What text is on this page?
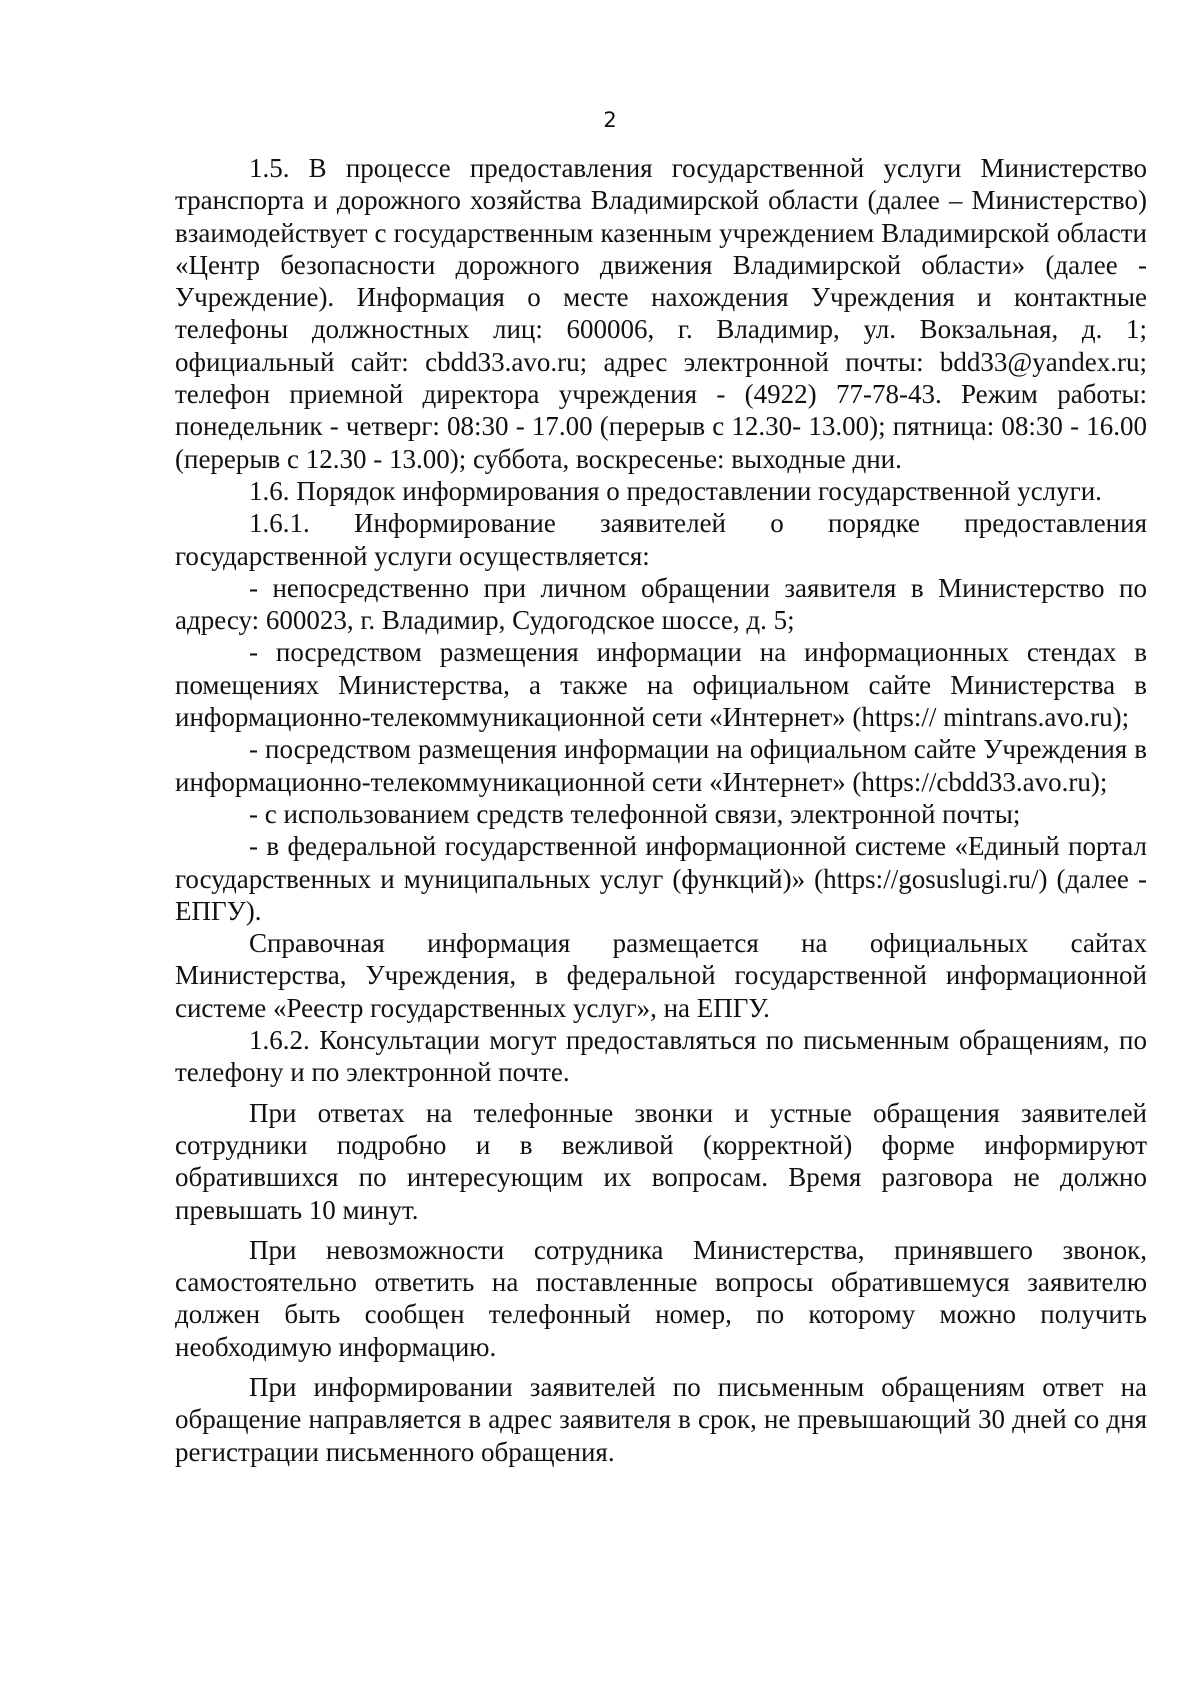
2

1.5. В процессе предоставления государственной услуги Министерство транспорта и дорожного хозяйства Владимирской области (далее – Министерство) взаимодействует с государственным казенным учреждением Владимирской области «Центр безопасности дорожного движения Владимирской области» (далее - Учреждение). Информация о месте нахождения Учреждения и контактные телефоны должностных лиц: 600006, г. Владимир, ул. Вокзальная, д. 1; официальный сайт: cbdd33.avo.ru; адрес электронной почты: bdd33@yandex.ru; телефон приемной директора учреждения - (4922) 77-78-43. Режим работы: понедельник - четверг: 08:30 - 17.00 (перерыв с 12.30- 13.00); пятница: 08:30 - 16.00 (перерыв с 12.30 - 13.00); суббота, воскресенье: выходные дни.

1.6. Порядок информирования о предоставлении государственной услуги.

1.6.1. Информирование заявителей о порядке предоставления государственной услуги осуществляется:

- непосредственно при личном обращении заявителя в Министерство по адресу: 600023, г. Владимир, Судогодское шоссе, д. 5;

- посредством размещения информации на информационных стендах в помещениях Министерства, а также на официальном сайте Министерства в информационно-телекоммуникационной сети «Интернет» (https:// mintrans.avo.ru);

- посредством размещения информации на официальном сайте Учреждения в информационно-телекоммуникационной сети «Интернет» (https://cbdd33.avo.ru);

- с использованием средств телефонной связи, электронной почты;

- в федеральной государственной информационной системе «Единый портал государственных и муниципальных услуг (функций)» (https://gosuslugi.ru/) (далее - ЕПГУ).

Справочная информация размещается на официальных сайтах Министерства, Учреждения, в федеральной государственной информационной системе «Реестр государственных услуг», на ЕПГУ.

1.6.2. Консультации могут предоставляться по письменным обращениям, по телефону и по электронной почте.

При ответах на телефонные звонки и устные обращения заявителей сотрудники подробно и в вежливой (корректной) форме информируют обратившихся по интересующим их вопросам. Время разговора не должно превышать 10 минут.

При невозможности сотрудника Министерства, принявшего звонок, самостоятельно ответить на поставленные вопросы обратившемуся заявителю должен быть сообщен телефонный номер, по которому можно получить необходимую информацию.

При информировании заявителей по письменным обращениям ответ на обращение направляется в адрес заявителя в срок, не превышающий 30 дней со дня регистрации письменного обращения.
